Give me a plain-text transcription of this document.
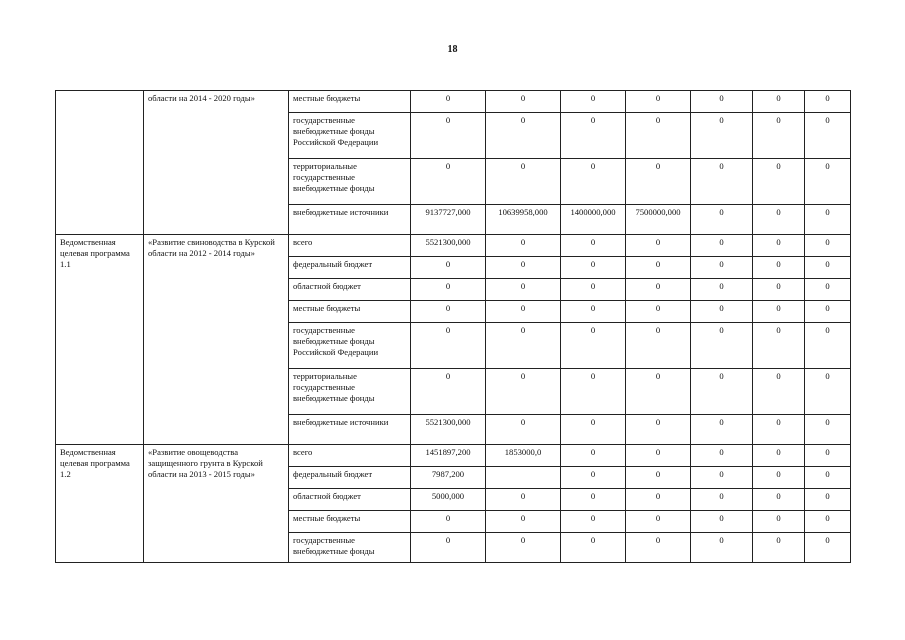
18
	области на 2014 - 2020 годы»	местные бюджеты	0	0	0	0	0	0	0
		государственные внебюджетные фонды Российской Федерации	0	0	0	0	0	0	0
		территориальные государственные внебюджетные фонды	0	0	0	0	0	0	0
		внебюджетные источники	9137727,000	10639958,000	1400000,000	7500000,000	0	0	0
Ведомственная целевая программа 1.1	«Развитие свиноводства в Курской области на 2012 - 2014 годы»	всего	5521300,000	0	0	0	0	0	0
		федеральный бюджет	0	0	0	0	0	0	0
		областной бюджет	0	0	0	0	0	0	0
		местные бюджеты	0	0	0	0	0	0	0
		государственные внебюджетные фонды Российской Федерации	0	0	0	0	0	0	0
		территориальные государственные внебюджетные фонды	0	0	0	0	0	0	0
		внебюджетные источники	5521300,000	0	0	0	0	0	0
Ведомственная целевая программа 1.2	«Развитие овощеводства защищенного грунта в Курской области на 2013 - 2015 годы»	всего	1451897,200	1853000,0	0	0	0	0	0
		федеральный бюджет	7987,200		0	0	0	0	0
		областной бюджет	5000,000	0	0	0	0	0	0
		местные бюджеты	0	0	0	0	0	0	0
		государственные внебюджетные фонды	0	0	0	0	0	0	0
